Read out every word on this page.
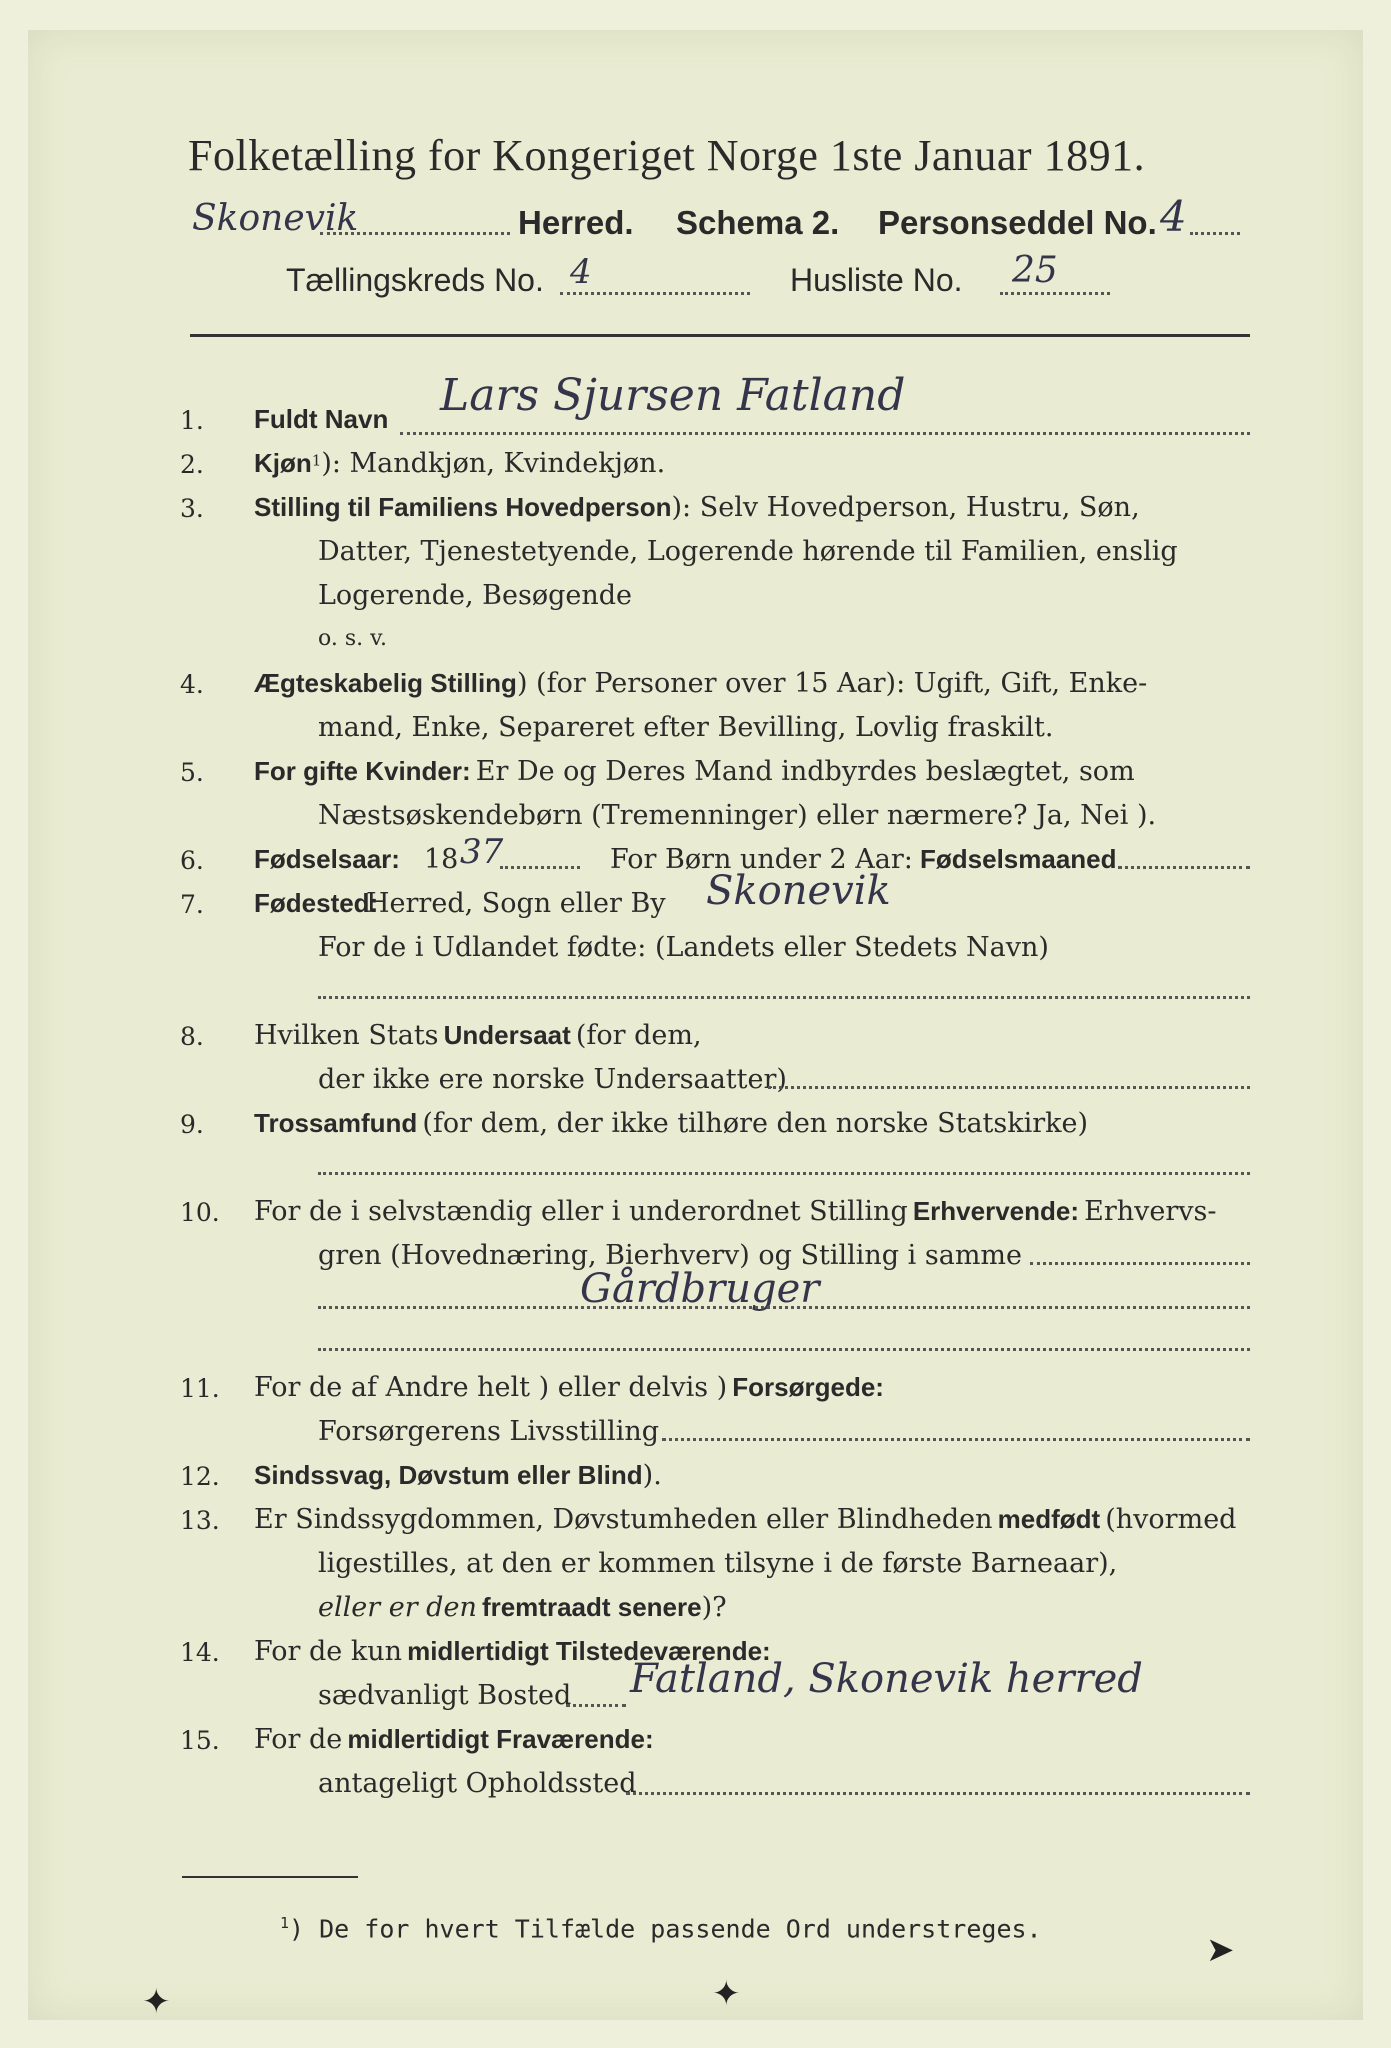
Folketælling for Kongeriget Norge 1ste Januar 1891.
Skonevik	Herred. Schema 2. Personseddel No. 4
Tællingskreds No. 4	Husliste No. 25
1.	Fuldt Navn Lars Sjursen Fatland
2.	Kjøn$^1$): Mandkjøn, Kvindekjøn.
3.	Stilling til Familiens Hovedperson): Selv Hovedperson, Hustru, Søn,
Datter, Tjenestetyende, Logerende hørende til Familien, enslig
Logerende, Besøgende
o. s. v.
4.	Ægteskabelig Stilling) (for Personer over 15 Aar): Ugift, Gift, Enke-
mand, Enke, Separeret efter Bevilling, Lovlig fraskilt.
5.	For gifte Kvinder: Er De og Deres Mand indbyrdes beslægtet, som
Næstsøskendebørn (Tremenninger) eller nærmere? Ja, Nei ).
6.	Fødselsaar: 18 37	For Børn under 2 Aar: Fødselsmaaned
7.	Fødested:
Herred, Sogn eller By Skonevik
For de i Udlandet fødte: (Landets eller Stedets Navn)
8.	Hvilken Stats Undersaat (for dem,
der ikke ere norske Undersaatter)
9.	Trossamfund (for dem, der ikke tilhøre den norske Statskirke)
10.	For de i selvstændig eller i underordnet Stilling Erhvervende: Erhvervs-
gren (Hovednæring, Bierhverv) og Stilling i samme
Gårdbruger
11.	For de af Andre helt ) eller delvis ) Forsørgede:
Forsørgerens Livsstilling
12.	Sindssvag, Døvstum eller Blind).
13.	Er Sindssygdommen, Døvstumheden eller Blindheden medfødt (hvormed
ligestilles, at den er kommen tilsyne i de første Barneaar),
eller er den fremtraadt senere)?
14.	For de kun midlertidigt Tilstedeværende:
sædvanligt Bosted Fatland, Skonevik herred
15.	For de midlertidigt Fraværende:
antageligt Opholdssted
$^1$) De for hvert Tilfælde passende Ord understreges.
✦	✦
➤
